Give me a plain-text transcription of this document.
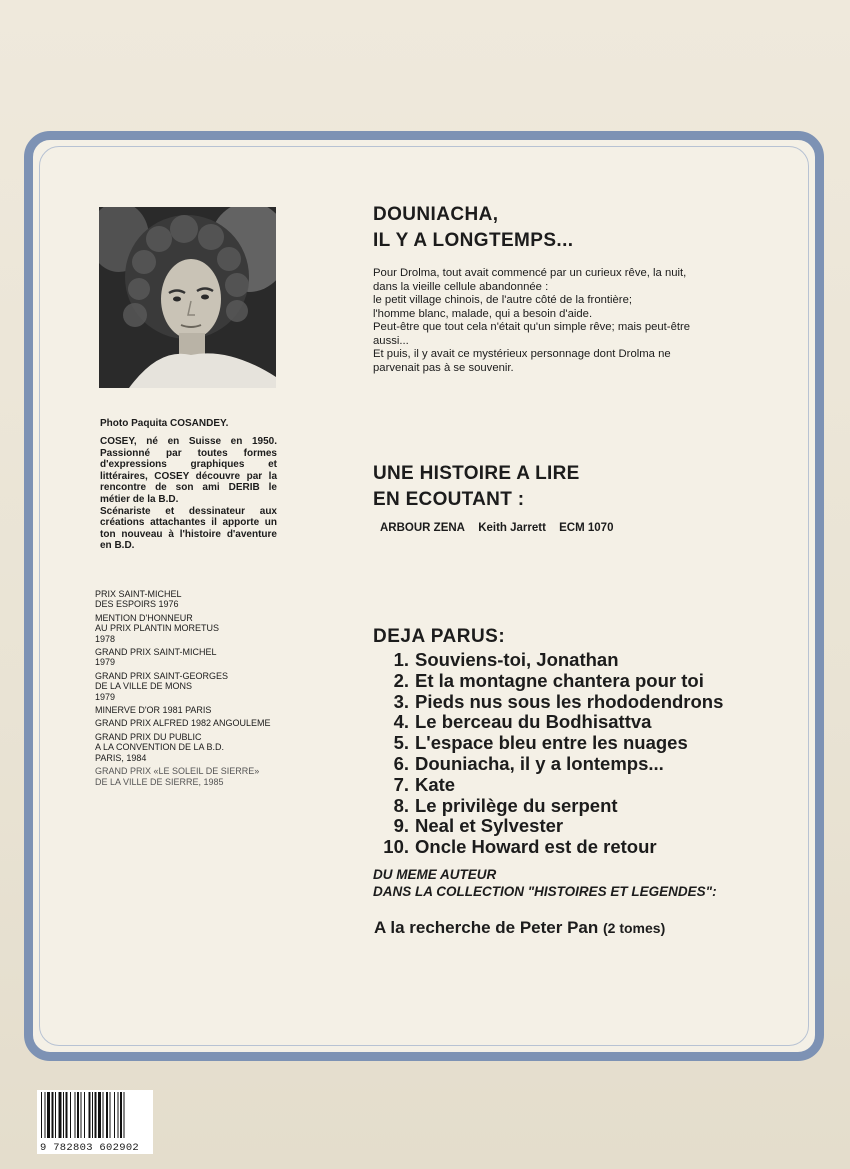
Photo Paquita COSANDEY.

COSEY, né en Suisse en 1950. Passionné par toutes formes d'expressions graphiques et littéraires, COSEY découvre par la rencontre de son ami DERIB le métier de la B.D.

Scénariste et dessinateur aux créations attachantes il apporte un ton nouveau à l'histoire d'aventure en B.D.

PRIX SAINT-MICHEL
DES ESPOIRS 1976
MENTION D'HONNEUR
AU PRIX PLANTIN MORETUS
1978
GRAND PRIX SAINT-MICHEL
1979
GRAND PRIX SAINT-GEORGES
DE LA VILLE DE MONS
1979
MINERVE D'OR 1981 PARIS
GRAND PRIX ALFRED 1982 ANGOULEME
GRAND PRIX DU PUBLIC
A LA CONVENTION DE LA B.D.
PARIS, 1984
GRAND PRIX «LE SOLEIL DE SIERRE»
DE LA VILLE DE SIERRE, 1985
DOUNIACHA,
IL Y A LONGTEMPS...
Pour Drolma, tout avait commencé par un curieux rêve, la nuit,
dans la vieille cellule abandonnée :
le petit village chinois, de l'autre côté de la frontière;
l'homme blanc, malade, qui a besoin d'aide.
Peut-être que tout cela n'était qu'un simple rêve; mais peut-être
aussi...
Et puis, il y avait ce mystérieux personnage dont Drolma ne
parvenait pas à se souvenir.
UNE HISTOIRE A LIRE
EN ECOUTANT :
ARBOUR ZENA Keith Jarrett ECM 1070
DEJA PARUS:
1. Souviens-toi, Jonathan
2. Et la montagne chantera pour toi
3. Pieds nus sous les rhododendrons
4. Le berceau du Bodhisattva
5. L'espace bleu entre les nuages
6. Douniacha, il y a lontemps...
7. Kate
8. Le privilège du serpent
9. Neal et Sylvester
10. Oncle Howard est de retour
DU MEME AUTEUR
DANS LA COLLECTION "HISTOIRES ET LEGENDES":
A la recherche de Peter Pan (2 tomes)
9 782803 602902
